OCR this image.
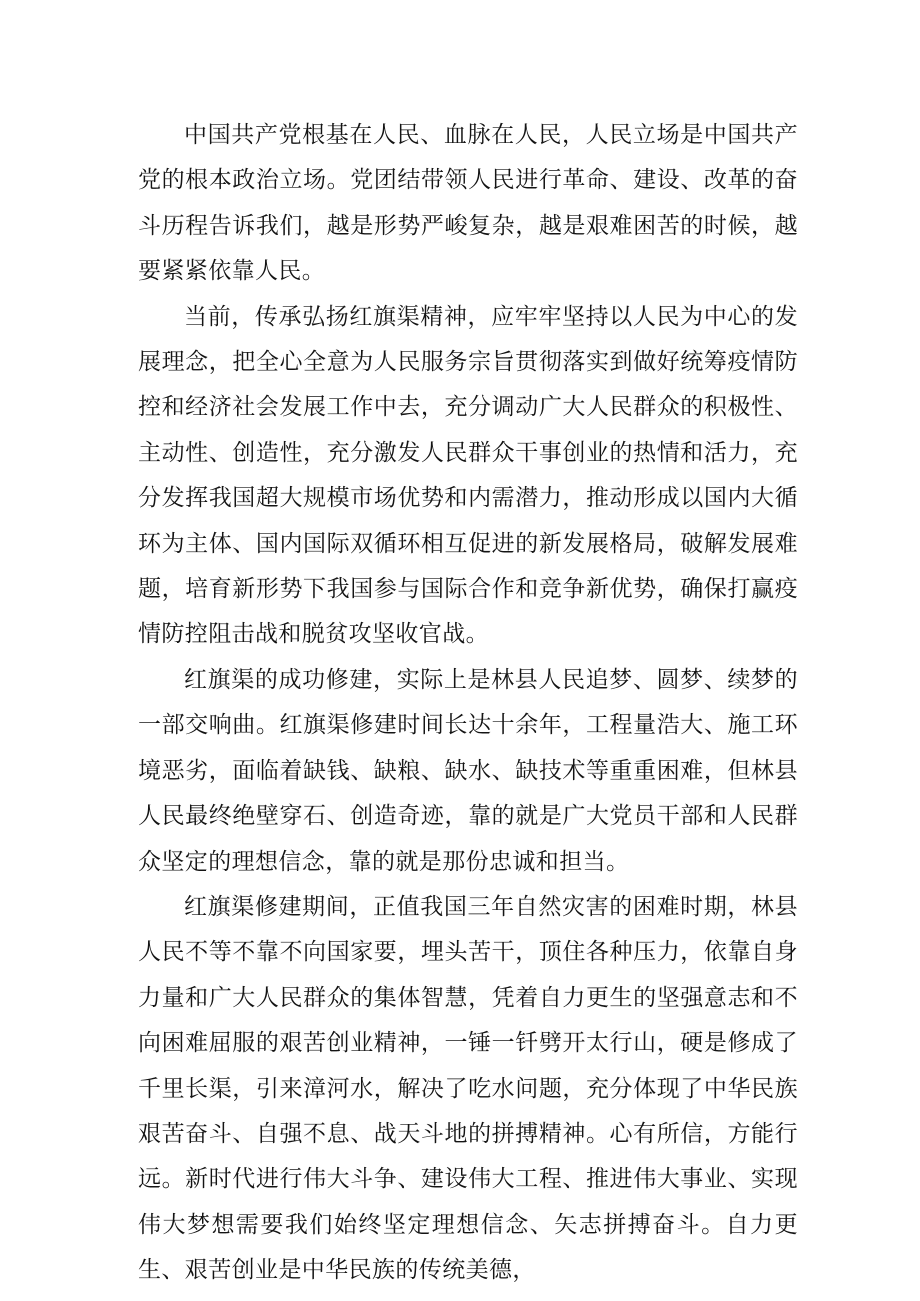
中国共产党根基在人民、血脉在人民，人民立场是中国共产党的根本政治立场。党团结带领人民进行革命、建设、改革的奋斗历程告诉我们，越是形势严峻复杂，越是艰难困苦的时候，越要紧紧依靠人民。

当前，传承弘扬红旗渠精神，应牢牢坚持以人民为中心的发展理念，把全心全意为人民服务宗旨贯彻落实到做好统筹疫情防控和经济社会发展工作中去，充分调动广大人民群众的积极性、主动性、创造性，充分激发人民群众干事创业的热情和活力，充分发挥我国超大规模市场优势和内需潜力，推动形成以国内大循环为主体、国内国际双循环相互促进的新发展格局，破解发展难题，培育新形势下我国参与国际合作和竞争新优势，确保打赢疫情防控阻击战和脱贫攻坚收官战。

红旗渠的成功修建，实际上是林县人民追梦、圆梦、续梦的一部交响曲。红旗渠修建时间长达十余年，工程量浩大、施工环境恶劣，面临着缺钱、缺粮、缺水、缺技术等重重困难，但林县人民最终绝壁穿石、创造奇迹，靠的就是广大党员干部和人民群众坚定的理想信念，靠的就是那份忠诚和担当。

红旗渠修建期间，正值我国三年自然灾害的困难时期，林县人民不等不靠不向国家要，埋头苦干，顶住各种压力，依靠自身力量和广大人民群众的集体智慧，凭着自力更生的坚强意志和不向困难屈服的艰苦创业精神，一锤一钎劈开太行山，硬是修成了千里长渠，引来漳河水，解决了吃水问题，充分体现了中华民族艰苦奋斗、自强不息、战天斗地的拼搏精神。心有所信，方能行远。新时代进行伟大斗争、建设伟大工程、推进伟大事业、实现伟大梦想需要我们始终坚定理想信念、矢志拼搏奋斗。自力更生、艰苦创业是中华民族的传统美德，
